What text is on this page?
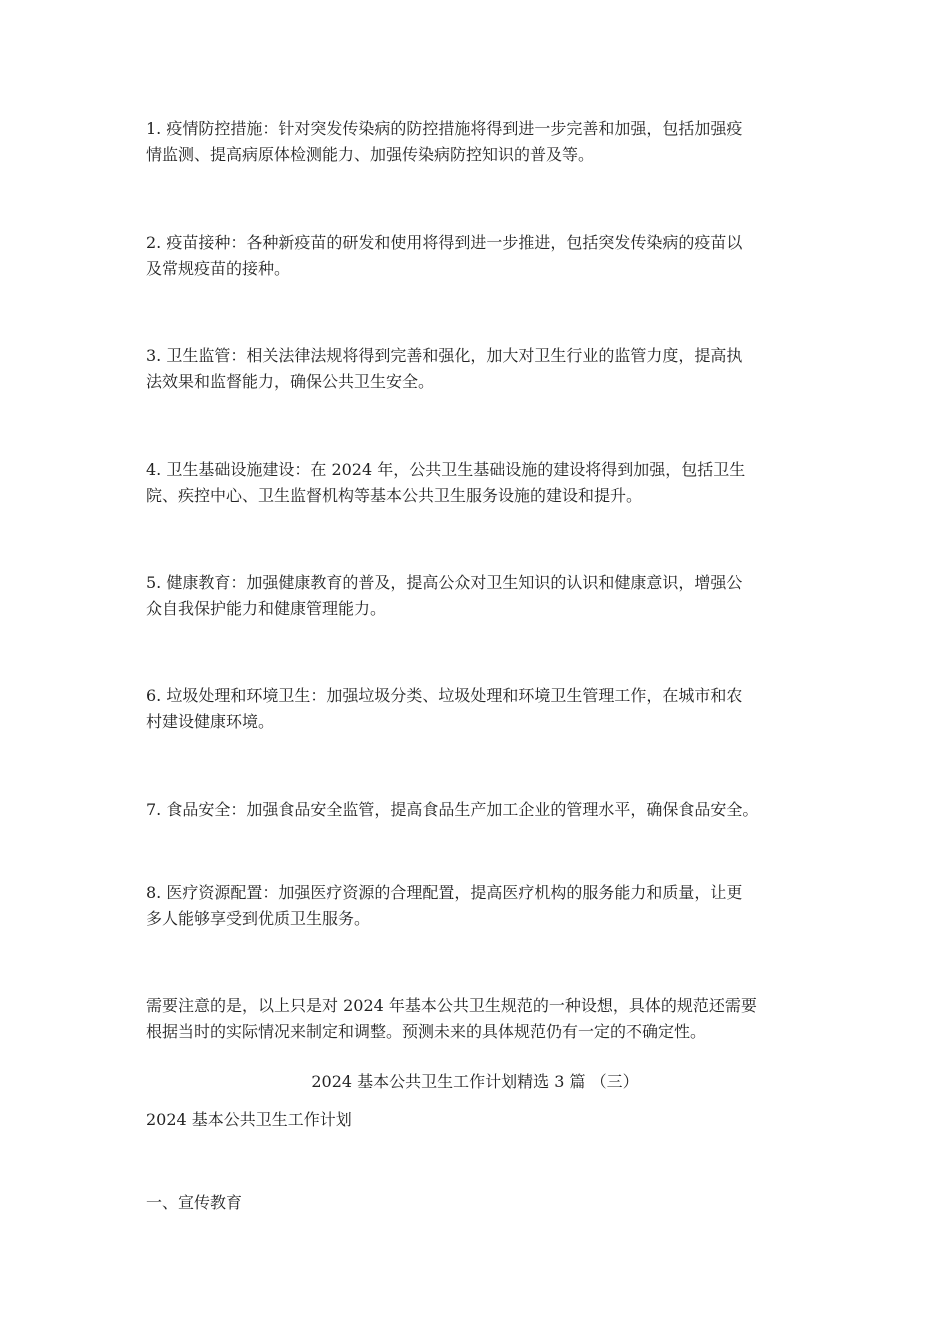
1. 疫情防控措施：针对突发传染病的防控措施将得到进一步完善和加强，包括加强疫
情监测、提高病原体检测能力、加强传染病防控知识的普及等。

2. 疫苗接种：各种新疫苗的研发和使用将得到进一步推进，包括突发传染病的疫苗以
及常规疫苗的接种。

3. 卫生监管：相关法律法规将得到完善和强化，加大对卫生行业的监管力度，提高执
法效果和监督能力，确保公共卫生安全。

4. 卫生基础设施建设：在 2024 年，公共卫生基础设施的建设将得到加强，包括卫生
院、疾控中心、卫生监督机构等基本公共卫生服务设施的建设和提升。

5. 健康教育：加强健康教育的普及，提高公众对卫生知识的认识和健康意识，增强公
众自我保护能力和健康管理能力。

6. 垃圾处理和环境卫生：加强垃圾分类、垃圾处理和环境卫生管理工作，在城市和农
村建设健康环境。

7. 食品安全：加强食品安全监管，提高食品生产加工企业的管理水平，确保食品安全。

8. 医疗资源配置：加强医疗资源的合理配置，提高医疗机构的服务能力和质量，让更
多人能够享受到优质卫生服务。

需要注意的是，以上只是对 2024 年基本公共卫生规范的一种设想，具体的规范还需要
根据当时的实际情况来制定和调整。预测未来的具体规范仍有一定的不确定性。

2024 基本公共卫生工作计划精选 3 篇 （三）

2024 基本公共卫生工作计划

一、宣传教育
